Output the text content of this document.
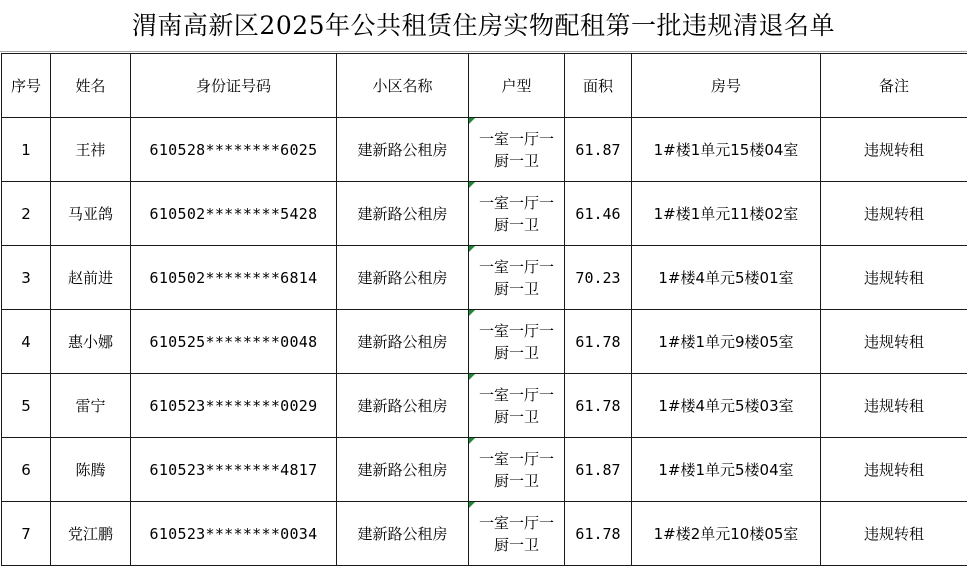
渭南高新区2025年公共租赁住房实物配租第一批违规清退名单
序号	姓名	身份证号码	小区名称	户型	面积	房号	备注
1	王祎	610528********6025	建新路公租房	一室一厅一厨一卫	61.87	1#楼1单元15楼04室	违规转租
2	马亚鸽	610502********5428	建新路公租房	一室一厅一厨一卫	61.46	1#楼1单元11楼02室	违规转租
3	赵前进	610502********6814	建新路公租房	一室一厅一厨一卫	70.23	1#楼4单元5楼01室	违规转租
4	惠小娜	610525********0048	建新路公租房	一室一厅一厨一卫	61.78	1#楼1单元9楼05室	违规转租
5	雷宁	610523********0029	建新路公租房	一室一厅一厨一卫	61.78	1#楼4单元5楼03室	违规转租
6	陈腾	610523********4817	建新路公租房	一室一厅一厨一卫	61.87	1#楼1单元5楼04室	违规转租
7	党江鹏	610523********0034	建新路公租房	一室一厅一厨一卫	61.78	1#楼2单元10楼05室	违规转租
